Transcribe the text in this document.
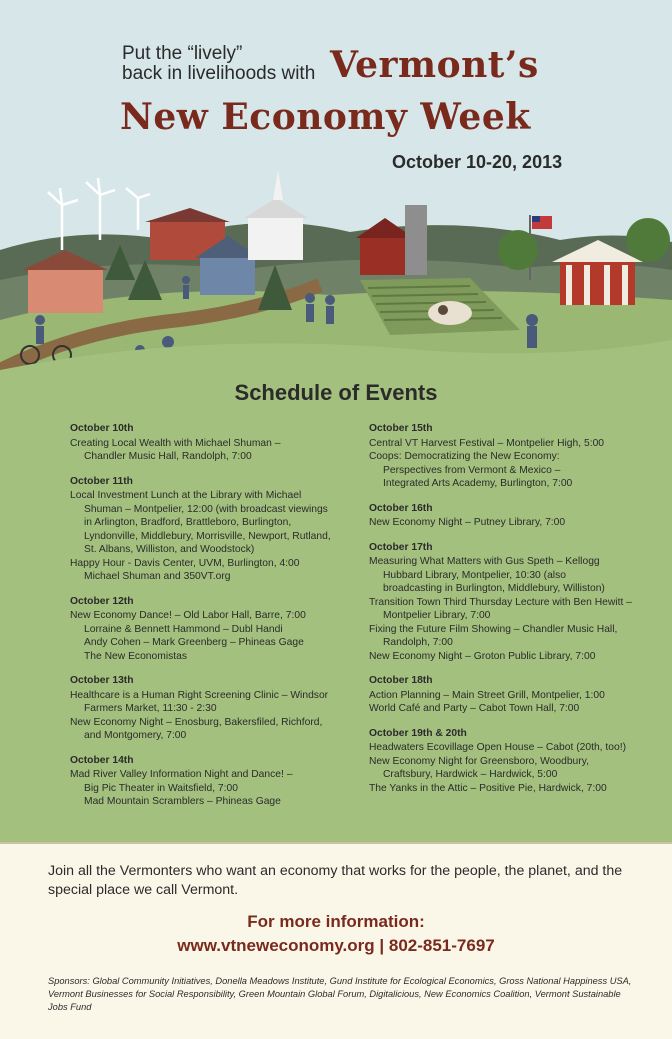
Put the “lively”
back in livelihoods with Vermont’s
New Economy Week
October 10-20, 2013
Schedule of Events
October 10th
Creating Local Wealth with Michael Shuman –
Chandler Music Hall, Randolph, 7:00
October 11th
Local Investment Lunch at the Library with Michael
Shuman – Montpelier, 12:00 (with broadcast viewings
in Arlington, Bradford, Brattleboro, Burlington,
Lyndonville, Middlebury, Morrisville, Newport, Rutland,
St. Albans, Williston, and Woodstock)
Happy Hour - Davis Center, UVM, Burlington, 4:00
Michael Shuman and 350VT.org
October 12th
New Economy Dance! – Old Labor Hall, Barre, 7:00
Lorraine & Bennett Hammond – Dubl Handi
Andy Cohen – Mark Greenberg – Phineas Gage
The New Economistas
October 13th
Healthcare is a Human Right Screening Clinic – Windsor
Farmers Market, 11:30 - 2:30
New Economy Night – Enosburg, Bakersfiled, Richford,
and Montgomery, 7:00
October 14th
Mad River Valley Information Night and Dance! –
Big Pic Theater in Waitsfield, 7:00
Mad Mountain Scramblers – Phineas Gage
October 15th
Central VT Harvest Festival – Montpelier High, 5:00
Coops: Democratizing the New Economy:
Perspectives from Vermont & Mexico –
Integrated Arts Academy, Burlington, 7:00
October 16th
New Economy Night – Putney Library, 7:00
October 17th
Measuring What Matters with Gus Speth – Kellogg
Hubbard Library, Montpelier, 10:30 (also
broadcasting in Burlington, Middlebury, Williston)
Transition Town Third Thursday Lecture with Ben Hewitt –
Montpelier Library, 7:00
Fixing the Future Film Showing – Chandler Music Hall,
Randolph, 7:00
New Economy Night – Groton Public Library, 7:00
October 18th
Action Planning – Main Street Grill, Montpelier, 1:00
World Café and Party – Cabot Town Hall, 7:00
October 19th & 20th
Headwaters Ecovillage Open House – Cabot (20th, too!)
New Economy Night for Greensboro, Woodbury,
Craftsbury, Hardwick – Hardwick, 5:00
The Yanks in the Attic – Positive Pie, Hardwick, 7:00
Join all the Vermonters who want an economy that works for the people, the planet, and the special place we call Vermont.
For more information:
www.vtneweconomy.org | 802-851-7697
Sponsors: Global Community Initiatives, Donella Meadows Institute, Gund Institute for Ecological Economics, Gross National Happiness USA, Vermont Businesses for Social Responsibility, Green Mountain Global Forum, Digitalicious, New Economics Coalition, Vermont Sustainable Jobs Fund
